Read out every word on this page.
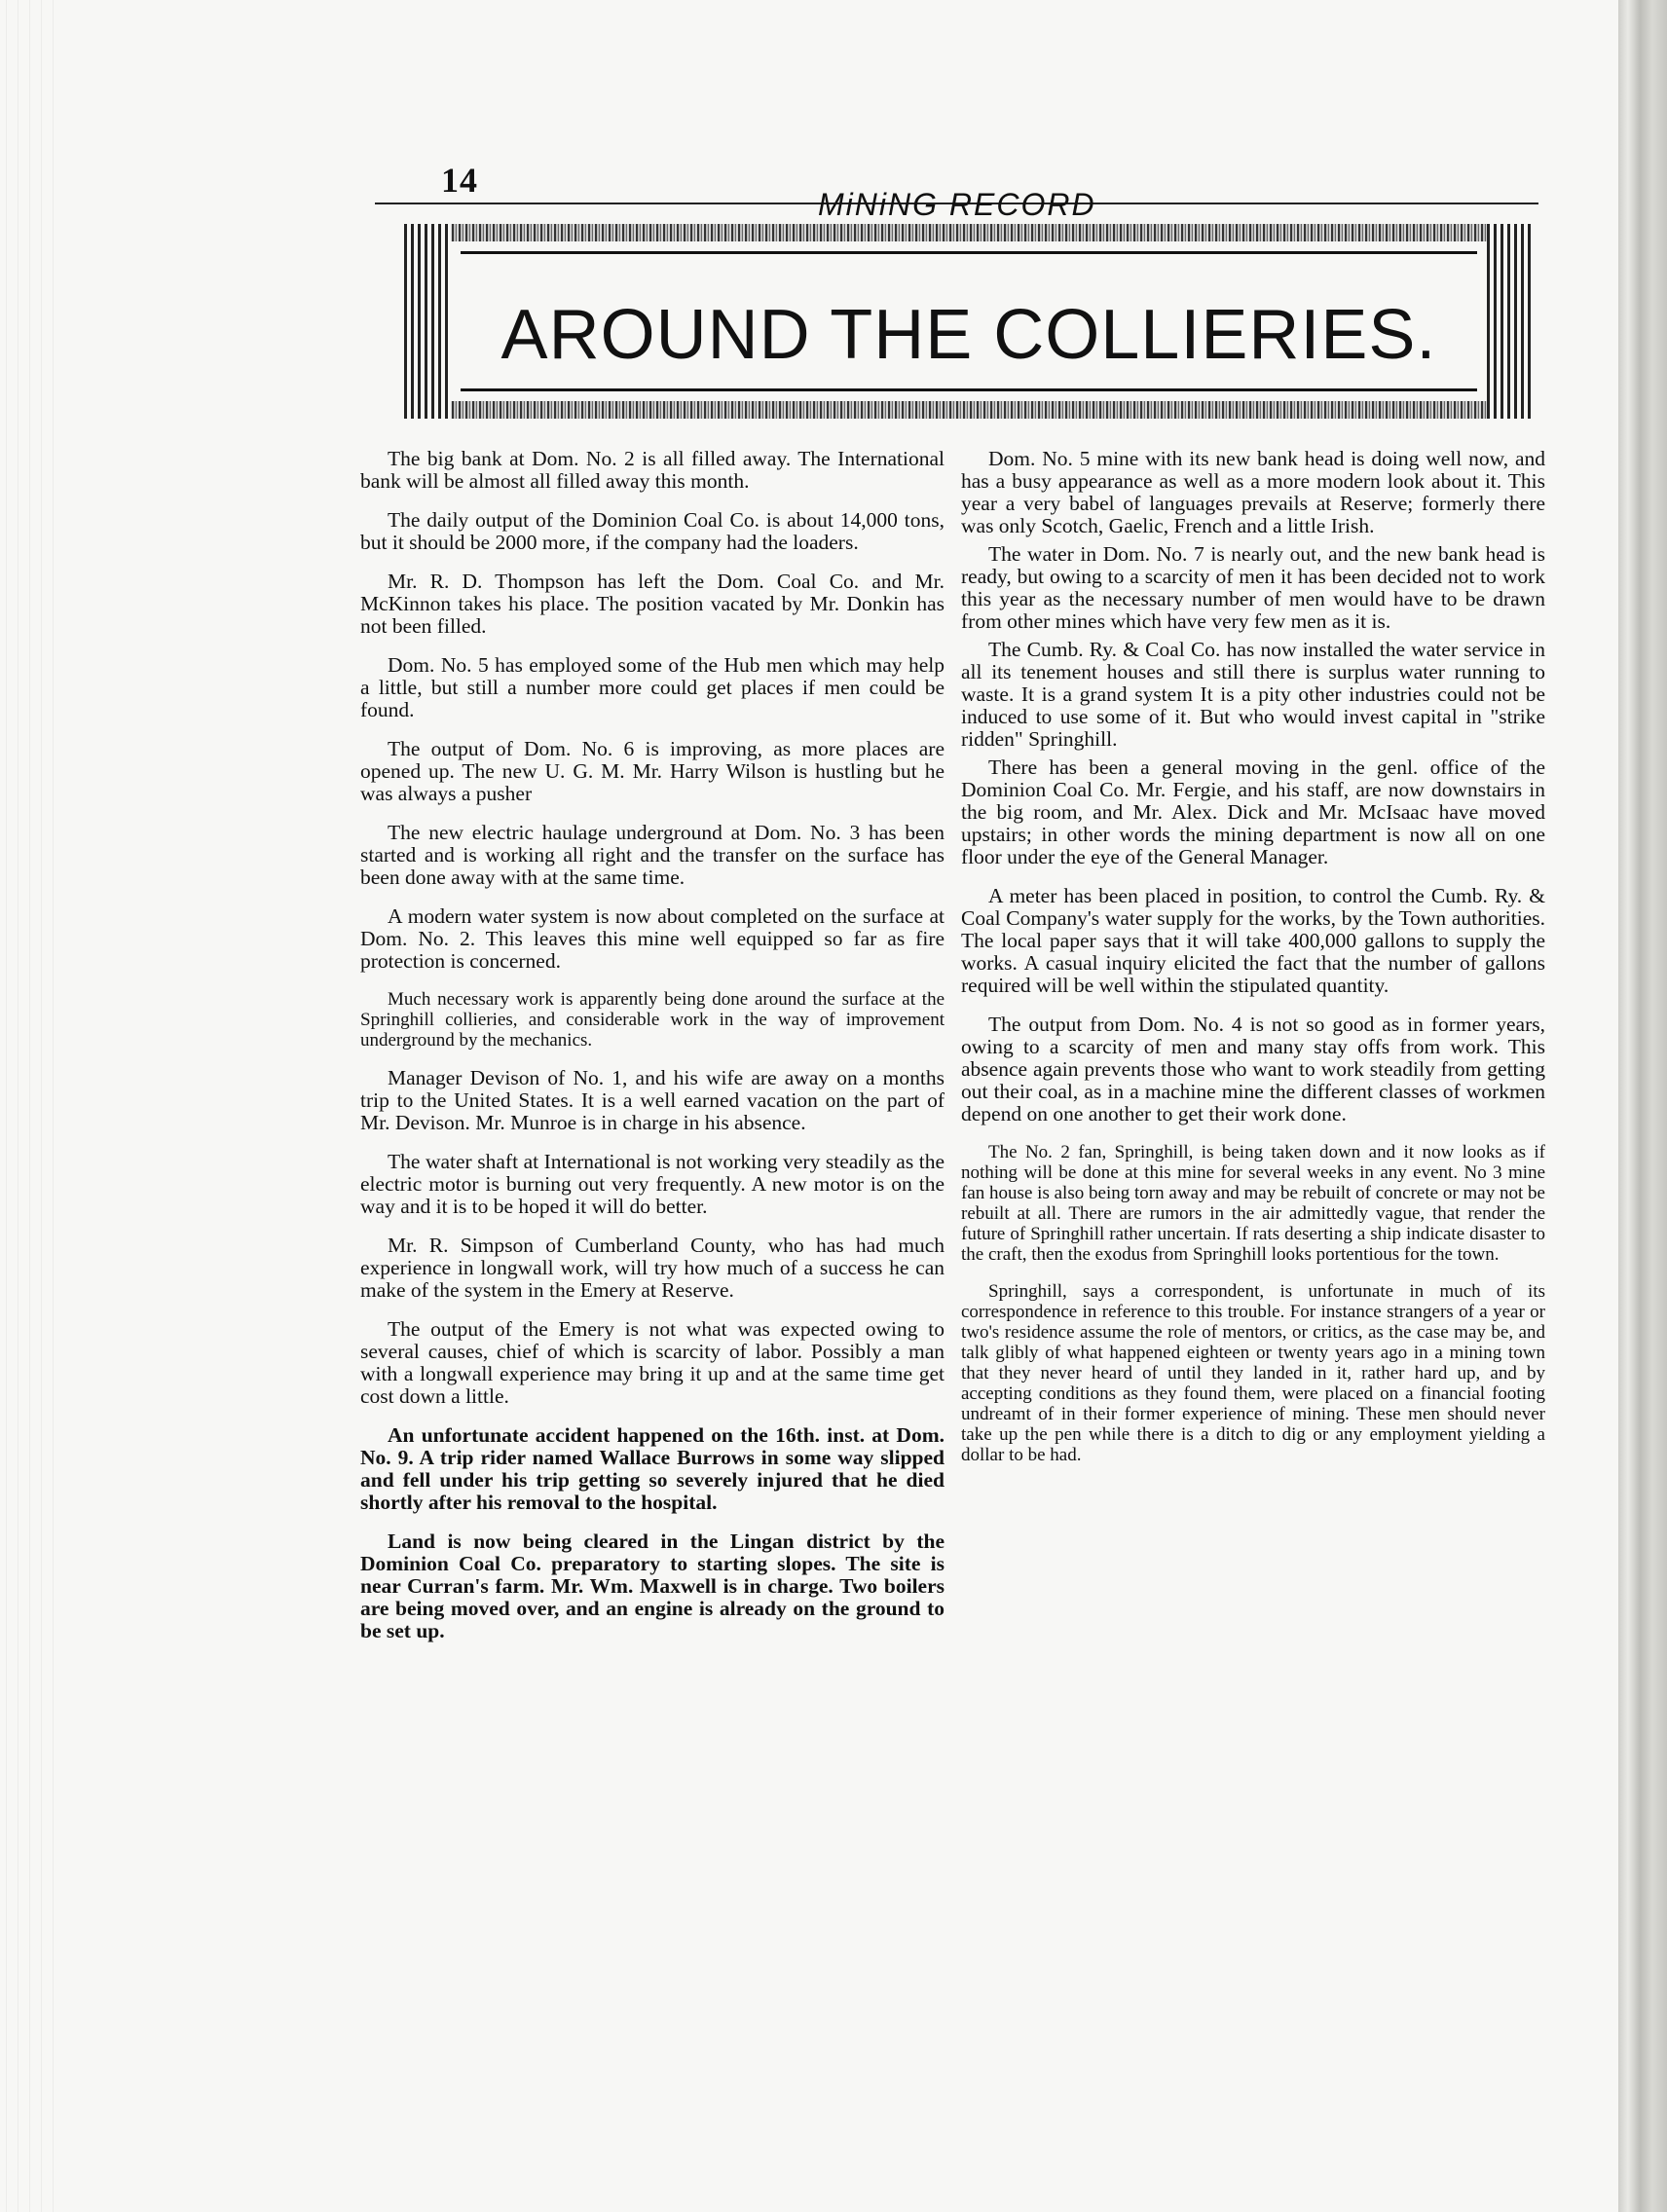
14
MiNiNG RECORD
AROUND THE COLLIERIES.

The big bank at Dom. No. 2 is all filled away. The International bank will be almost all filled away this month.

The daily output of the Dominion Coal Co. is about 14,000 tons, but it should be 2000 more, if the company had the loaders.

Mr. R. D. Thompson has left the Dom. Coal Co. and Mr. McKinnon takes his place. The position vacated by Mr. Donkin has not been filled.

Dom. No. 5 has employed some of the Hub men which may help a little, but still a number more could get places if men could be found.

The output of Dom. No. 6 is improving, as more places are opened up. The new U. G. M. Mr. Harry Wilson is hustling but he was always a pusher

The new electric haulage underground at Dom. No. 3 has been started and is working all right and the transfer on the surface has been done away with at the same time.

A modern water system is now about completed on the surface at Dom. No. 2. This leaves this mine well equipped so far as fire protection is concerned.

Much necessary work is apparently being done around the surface at the Springhill collieries, and considerable work in the way of improvement underground by the mechanics.

Manager Devison of No. 1, and his wife are away on a months trip to the United States. It is a well earned vacation on the part of Mr. Devison. Mr. Munroe is in charge in his absence.

The water shaft at International is not working very steadily as the electric motor is burning out very frequently. A new motor is on the way and it is to be hoped it will do better.

Mr. R. Simpson of Cumberland County, who has had much experience in longwall work, will try how much of a success he can make of the system in the Emery at Reserve.

The output of the Emery is not what was expected owing to several causes, chief of which is scarcity of labor. Possibly a man with a longwall experience may bring it up and at the same time get cost down a little.

An unfortunate accident happened on the 16th. inst. at Dom. No. 9. A trip rider named Wallace Burrows in some way slipped and fell under his trip getting so severely injured that he died shortly after his removal to the hospital.

Land is now being cleared in the Lingan district by the Dominion Coal Co. preparatory to starting slopes. The site is near Curran's farm. Mr. Wm. Maxwell is in charge. Two boilers are being moved over, and an engine is already on the ground to be set up.

Dom. No. 5 mine with its new bank head is doing well now, and has a busy appearance as well as a more modern look about it. This year a very babel of languages prevails at Reserve; formerly there was only Scotch, Gaelic, French and a little Irish.

The water in Dom. No. 7 is nearly out, and the new bank head is ready, but owing to a scarcity of men it has been decided not to work this year as the necessary number of men would have to be drawn from other mines which have very few men as it is.

The Cumb. Ry. & Coal Co. has now installed the water service in all its tenement houses and still there is surplus water running to waste. It is a grand system It is a pity other industries could not be induced to use some of it. But who would invest capital in "strike ridden" Springhill.

There has been a general moving in the genl. office of the Dominion Coal Co. Mr. Fergie, and his staff, are now downstairs in the big room, and Mr. Alex. Dick and Mr. McIsaac have moved upstairs; in other words the mining department is now all on one floor under the eye of the General Manager.

A meter has been placed in position, to control the Cumb. Ry. & Coal Company's water supply for the works, by the Town authorities. The local paper says that it will take 400,000 gallons to supply the works. A casual inquiry elicited the fact that the number of gallons required will be well within the stipulated quantity.

The output from Dom. No. 4 is not so good as in former years, owing to a scarcity of men and many stay offs from work. This absence again prevents those who want to work steadily from getting out their coal, as in a machine mine the different classes of workmen depend on one another to get their work done.

The No. 2 fan, Springhill, is being taken down and it now looks as if nothing will be done at this mine for several weeks in any event. No 3 mine fan house is also being torn away and may be rebuilt of concrete or may not be rebuilt at all. There are rumors in the air admittedly vague, that render the future of Springhill rather uncertain. If rats deserting a ship indicate disaster to the craft, then the exodus from Springhill looks portentious for the town.

Springhill, says a correspondent, is unfortunate in much of its correspondence in reference to this trouble. For instance strangers of a year or two's residence assume the role of mentors, or critics, as the case may be, and talk glibly of what happened eighteen or twenty years ago in a mining town that they never heard of until they landed in it, rather hard up, and by accepting conditions as they found them, were placed on a financial footing undreamt of in their former experience of mining. These men should never take up the pen while there is a ditch to dig or any employment yielding a dollar to be had.
